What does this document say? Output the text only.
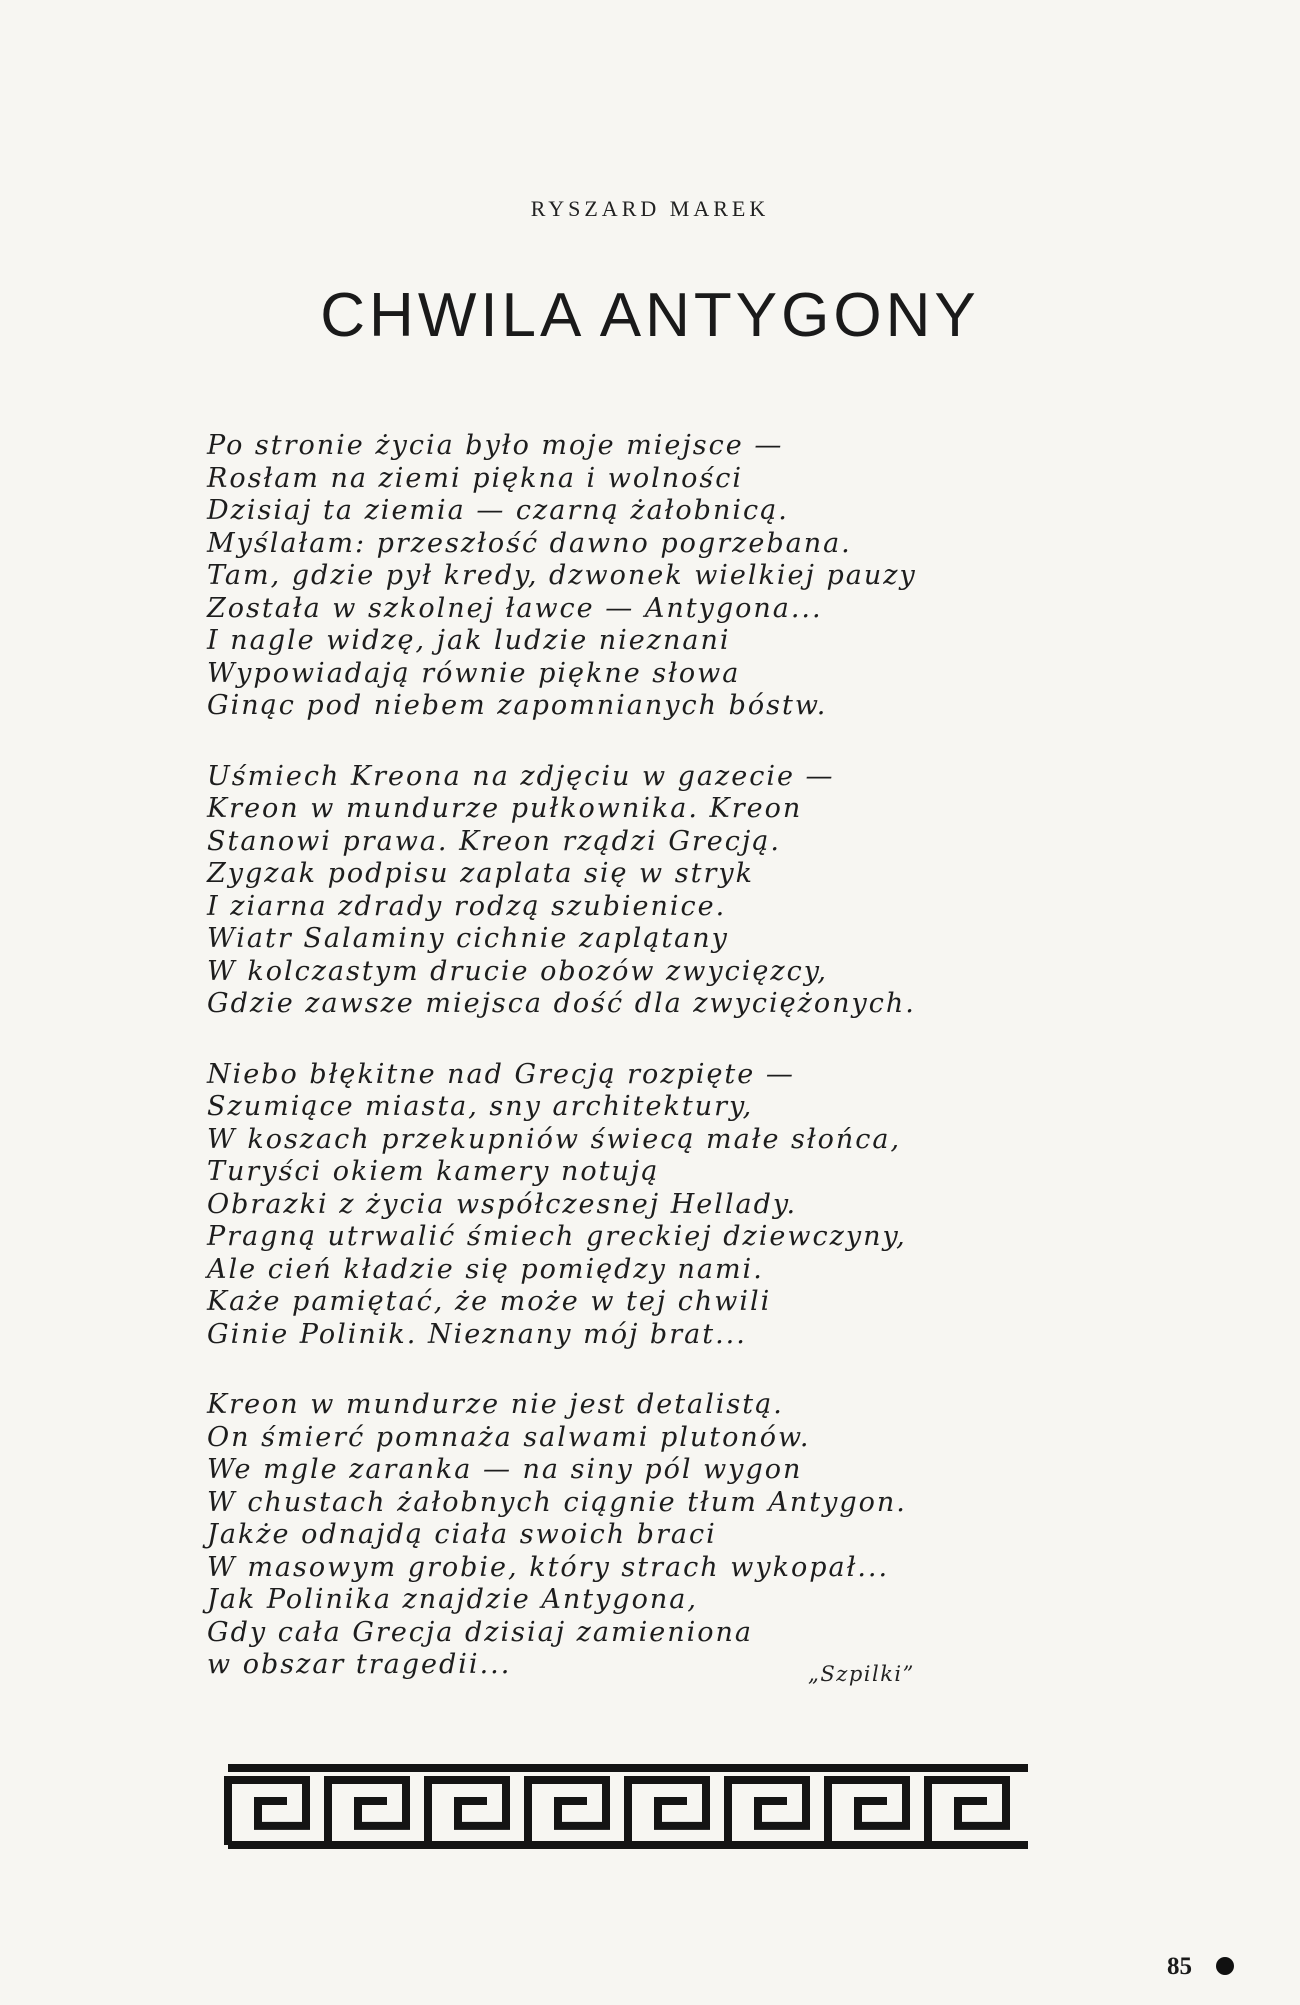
RYSZARD MAREK
CHWILA ANTYGONY
Po stronie życia było moje miejsce —
Rosłam na ziemi piękna i wolności
Dzisiaj ta ziemia — czarną żałobnicą.
Myślałam: przeszłość dawno pogrzebana.
Tam, gdzie pył kredy, dzwonek wielkiej pauzy
Została w szkolnej ławce — Antygona...
I nagle widzę, jak ludzie nieznani
Wypowiadają równie piękne słowa
Ginąc pod niebem zapomnianych bóstw.
Uśmiech Kreona na zdjęciu w gazecie —
Kreon w mundurze pułkownika. Kreon
Stanowi prawa. Kreon rządzi Grecją.
Zygzak podpisu zaplata się w stryk
I ziarna zdrady rodzą szubienice.
Wiatr Salaminy cichnie zaplątany
W kolczastym drucie obozów zwycięzcy,
Gdzie zawsze miejsca dość dla zwyciężonych.
Niebo błękitne nad Grecją rozpięte —
Szumiące miasta, sny architektury,
W koszach przekupniów świecą małe słońca,
Turyści okiem kamery notują
Obrazki z życia współczesnej Hellady.
Pragną utrwalić śmiech greckiej dziewczyny,
Ale cień kładzie się pomiędzy nami.
Każe pamiętać, że może w tej chwili
Ginie Polinik. Nieznany mój brat...
Kreon w mundurze nie jest detalistą.
On śmierć pomnaża salwami plutonów.
We mgle zaranka — na siny pól wygon
W chustach żałobnych ciągnie tłum Antygon.
Jakże odnajdą ciała swoich braci
W masowym grobie, który strach wykopał...
Jak Polinika znajdzie Antygona,
Gdy cała Grecja dzisiaj zamieniona
w obszar tragedii...	„Szpilki”
85
